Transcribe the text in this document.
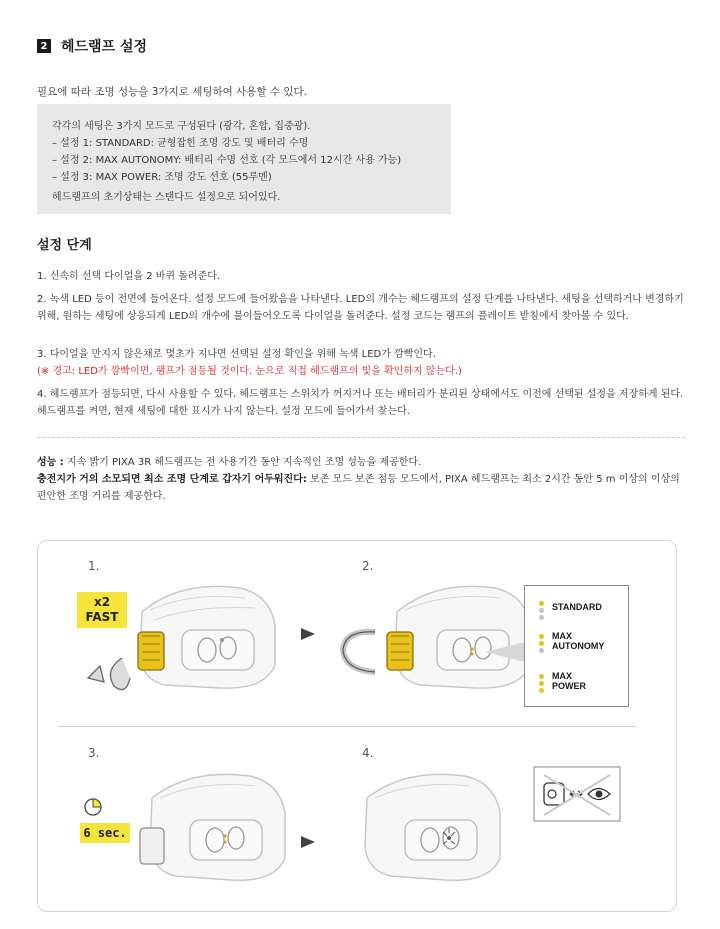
2 헤드램프 설정
필요에 따라 조명 성능을 3가지로 세팅하여 사용할 수 있다.
각각의 세팅은 3가지 모드로 구성된다 (광각, 혼합, 집중광).
– 설정 1: STANDARD: 균형잡힌 조명 강도 및 배터리 수명
– 설정 2: MAX AUTONOMY: 배터리 수명 선호 (각 모드에서 12시간 사용 가능)
– 설정 3: MAX POWER: 조명 강도 선호 (55루멘)
헤드램프의 초기상태는 스탠다드 설정으로 되어있다.
설정 단계
1. 신속히 선택 다이얼을 2 바퀴 돌려준다.
2. 녹색 LED 등이 전면에 들어온다. 설정 모드에 들어왔음을 나타낸다. LED의 개수는 헤드램프의 설정 단계를 나타낸다. 세팅을 선택하거나 변경하기 위해, 원하는 세팅에 상응되게 LED의 개수에 불이들어오도록 다이얼을 돌려준다. 설정 코드는 램프의 플레이트 받침에서 찾아볼 수 있다.
3. 다이얼을 만지지 않은채로 몇초가 지나면 선택된 설정 확인을 위해 녹색 LED가 깜빡인다.
(※ 경고: LED가 깜빡이면, 램프가 점등될 것이다. 눈으로 직접 헤드램프의 빛을 확인하지 않는다.)
4. 헤드램프가 점등되면, 다시 사용할 수 있다. 헤드램프는 스위치가 꺼지거나 또는 배터리가 분리된 상태에서도 이전에 선택된 설정을 저장하게 된다. 헤드램프를 켜면, 현재 세팅에 대한 표시가 나지 않는다. 설정 모드에 들어가서 찾는다.
성능 : 지속 밝기 PIXA 3R 헤드램프는 전 사용기간 동안 지속적인 조명 성능을 제공한다.
충전지가 거의 소모되면 최소 조명 단계로 갑자기 어두워진다: 보존 모드 보존 점등 모드에서, PIXA 헤드램프는 최소 2시간 동안 5 m 이상의 이상의 편안한 조명 거리를 제공한다.
1.	2.
3.	4.
x2
FAST
STANDARD
MAX
AUTONOMY
MAX
POWER
6 sec.
